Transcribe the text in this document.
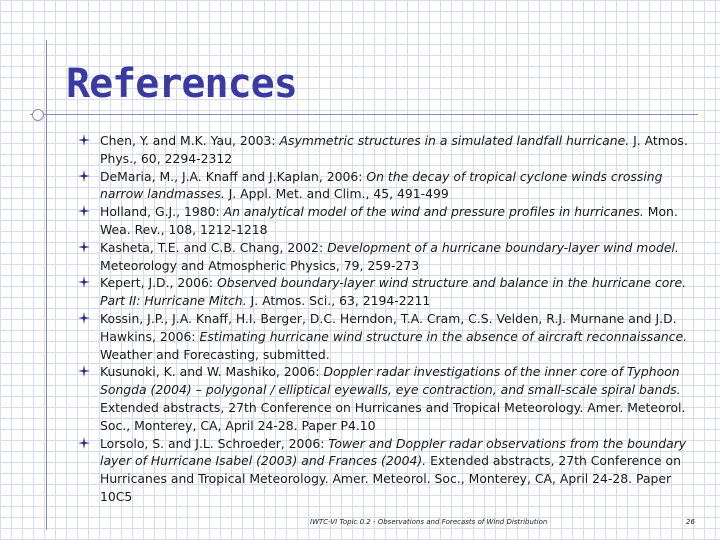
References
Chen, Y. and M.K. Yau, 2003: Asymmetric structures in a simulated landfall hurricane. J. Atmos. Phys., 60, 2294-2312
DeMaria, M., J.A. Knaff and J.Kaplan, 2006: On the decay of tropical cyclone winds crossing narrow landmasses. J. Appl. Met. and Clim., 45, 491-499
Holland, G.J., 1980: An analytical model of the wind and pressure profiles in hurricanes. Mon. Wea. Rev., 108, 1212-1218
Kasheta, T.E. and C.B. Chang, 2002: Development of a hurricane boundary-layer wind model. Meteorology and Atmospheric Physics, 79, 259-273
Kepert, J.D., 2006: Observed boundary-layer wind structure and balance in the hurricane core. Part II: Hurricane Mitch. J. Atmos. Sci., 63, 2194-2211
Kossin, J.P., J.A. Knaff, H.I. Berger, D.C. Herndon, T.A. Cram, C.S. Velden, R.J. Murnane and J.D. Hawkins, 2006: Estimating hurricane wind structure in the absence of aircraft reconnaissance. Weather and Forecasting, submitted.
Kusunoki, K. and W. Mashiko, 2006: Doppler radar investigations of the inner core of Typhoon Songda (2004) – polygonal / elliptical eyewalls, eye contraction, and small-scale spiral bands. Extended abstracts, 27th Conference on Hurricanes and Tropical Meteorology. Amer. Meteorol. Soc., Monterey, CA, April 24-28. Paper P4.10
Lorsolo, S. and J.L. Schroeder, 2006: Tower and Doppler radar observations from the boundary layer of Hurricane Isabel (2003) and Frances (2004). Extended abstracts, 27th Conference on Hurricanes and Tropical Meteorology. Amer. Meteorol. Soc., Monterey, CA, April 24-28. Paper 10C5
IWTC-VI Topic 0.2 - Observations and Forecasts of Wind Distribution	26
